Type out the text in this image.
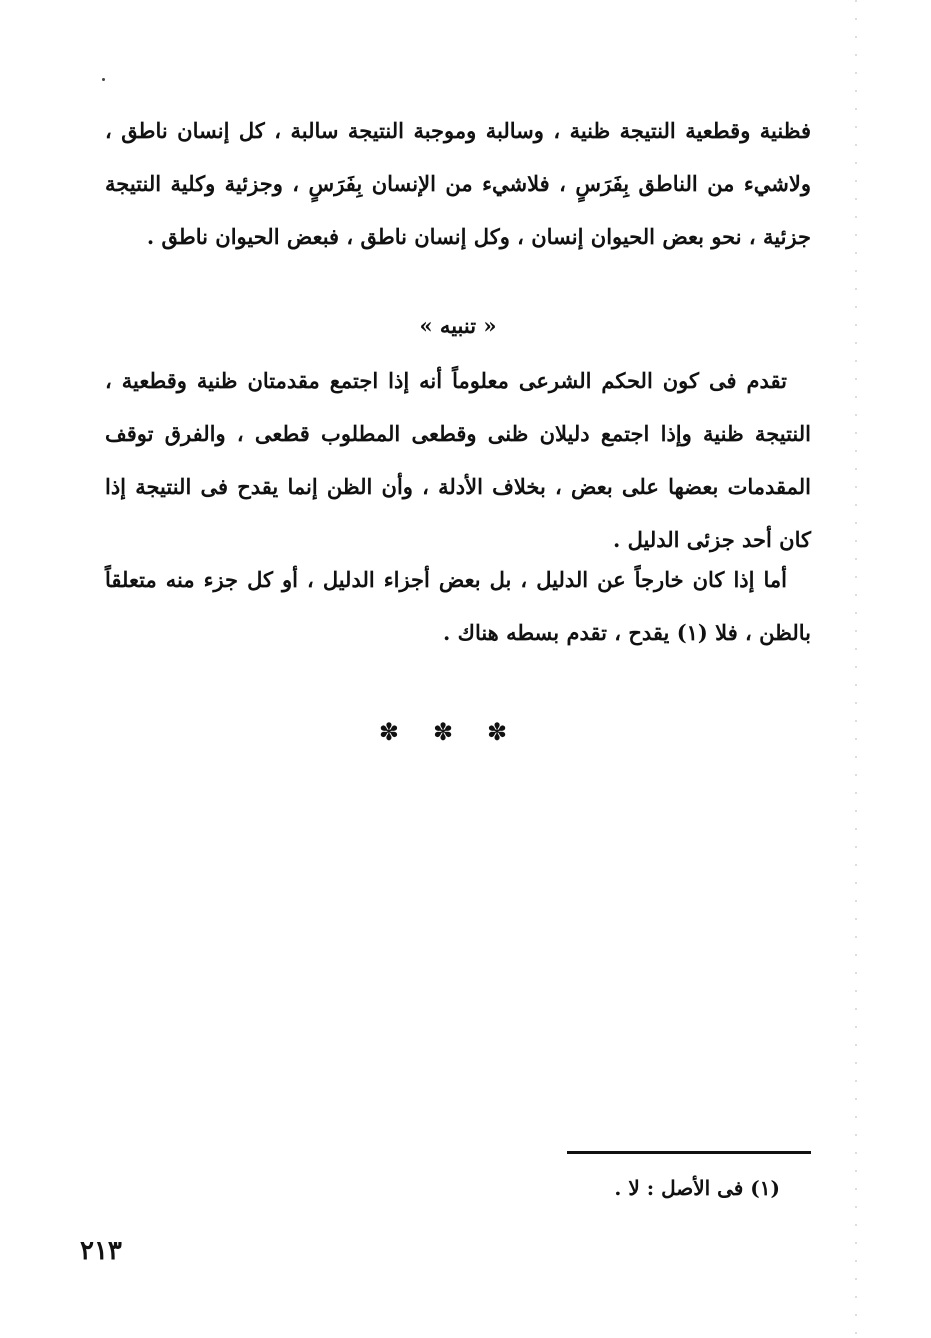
فظنية وقطعية النتيجة ظنية ، وسالبة وموجبة النتيجة سالبة ، كل إنسان ناطق ، ولاشيء من الناطق بِفَرَسٍ ، فلاشيء من الإنسان بِفَرَسٍ ، وجزئية وكلية النتيجة جزئية ، نحو بعض الحيوان إنسان ، وكل إنسان ناطق ، فبعض الحيوان ناطق .

« تنبيه »

تقدم فى كون الحكم الشرعى معلوماً أنه إذا اجتمع مقدمتان ظنية وقطعية ، النتيجة ظنية وإذا اجتمع دليلان ظنى وقطعى المطلوب قطعى ، والفرق توقف المقدمات بعضها على بعض ، بخلاف الأدلة ، وأن الظن إنما يقدح فى النتيجة إذا كان أحد جزئى الدليل .

أما إذا كان خارجاً عن الدليل ، بل بعض أجزاء الدليل ، أو كل جزء منه متعلقاً بالظن ، فلا (١) يقدح ، تقدم بسطه هناك .

✽✽✽
(١) فى الأصل : لا .
٢١٣
